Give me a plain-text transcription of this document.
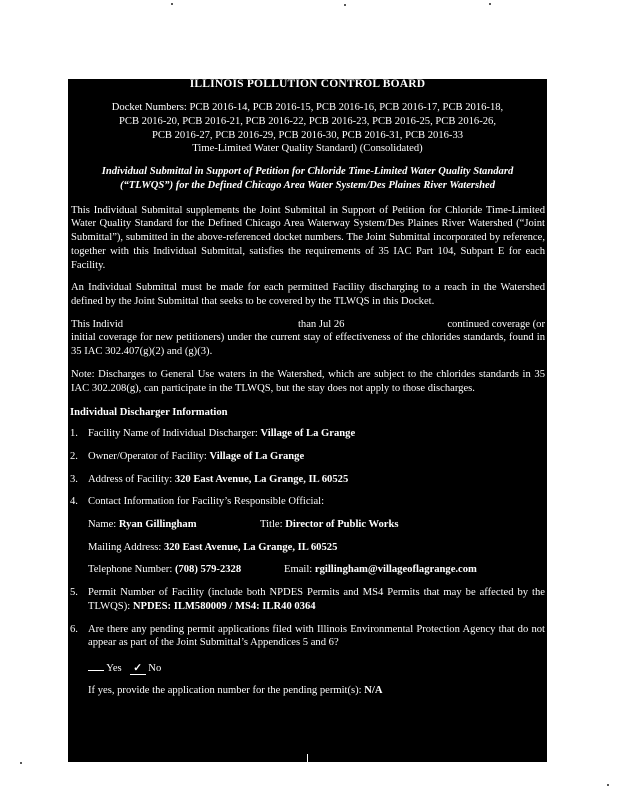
ILLINOIS POLLUTION CONTROL BOARD
Docket Numbers: PCB 2016-14, PCB 2016-15, PCB 2016-16, PCB 2016-17, PCB 2016-18,
PCB 2016-20, PCB 2016-21, PCB 2016-22, PCB 2016-23, PCB 2016-25, PCB 2016-26,
PCB 2016-27, PCB 2016-29, PCB 2016-30, PCB 2016-31, PCB 2016-33
Time-Limited Water Quality Standard) (Consolidated)
Individual Submittal in Support of Petition for Chloride Time-Limited Water Quality Standard
(“TLWQS”) for the Defined Chicago Area Water System/Des Plaines River Watershed
This Individual Submittal supplements the Joint Submittal in Support of Petition for Chloride Time-Limited Water Quality Standard for the Defined Chicago Area Waterway System/Des Plaines River Watershed (“Joint Submittal”), submitted in the above-referenced docket numbers. The Joint Submittal incorporated by reference, together with this Individual Submittal, satisfies the requirements of 35 IAC Part 104, Subpart E for each Facility.
An Individual Submittal must be made for each permitted Facility discharging to a reach in the Watershed defined by the Joint Submittal that seeks to be covered by the TLWQS in this Docket.
This Individ	than Jul 26	continued coverage (or
initial coverage for new petitioners) under the current stay of effectiveness of the chlorides standards, found in 35 IAC 302.407(g)(2) and (g)(3).
Note: Discharges to General Use waters in the Watershed, which are subject to the chlorides standards in 35 IAC 302.208(g), can participate in the TLWQS, but the stay does not apply to those discharges.
Individual Discharger Information
1. Facility Name of Individual Discharger: Village of La Grange
2. Owner/Operator of Facility: Village of La Grange
3. Address of Facility: 320 East Avenue, La Grange, IL 60525
4. Contact Information for Facility’s Responsible Official:
Name: Ryan Gillingham	Title: Director of Public Works
Mailing Address: 320 East Avenue, La Grange, IL 60525
Telephone Number: (708) 579-2328	Email: rgillingham@villageoflagrange.com
5. Permit Number of Facility (include both NPDES Permits and MS4 Permits that may be affected by the TLWQS): NPDES: ILM580009 / MS4: ILR40 0364
6. Are there any pending permit applications filed with Illinois Environmental Protection Agency that do not appear as part of the Joint Submittal’s Appendices 5 and 6?
Yes ✓ No
If yes, provide the application number for the pending permit(s): N/A
